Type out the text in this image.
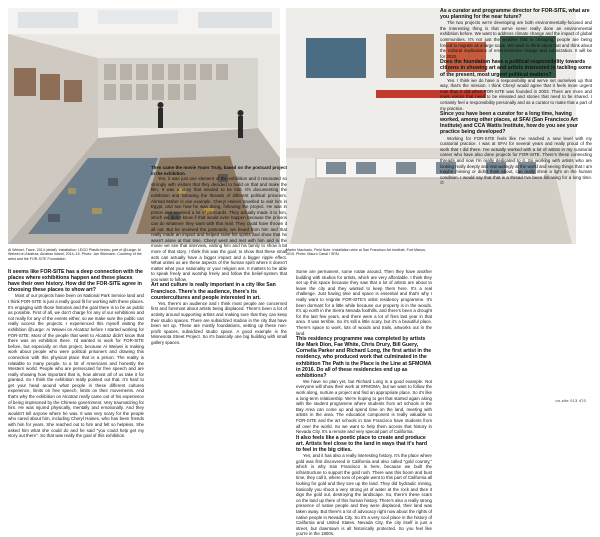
Ai Weiwei, Trace, 2014 (detail). Installation: LEGO Plastic bricks; part of @Large: Ai Weiwei on Alcatraz, Alcatraz Island, 2014–15. Photo: Jan Stürmann. Courtesy of the artist and the FOR-SITE Foundation
Martín Machado, Field Note. Installation view at San Francisco Art Institute, Fort Mason, 2015. Photo: Mauro Canal / SFAI

It seems like FOR-SITE has a deep connection with the places where exhibitions happen and these places have their own history. How did the FOR-SITE agree in choosing these places to show art?

Most of our projects have been on National Park Service land and I think FOR-SITE is just a really good fit for working with these places. It's engaging with those histories and the goal there is to be as public as possible. First of all, we don't charge for any of our exhibitions and not really for any of the events either, so we make sure the public can really access the projects. I experienced this myself visiting the exhibition @Large: Ai Weiwei on Alcatraz before I started working for FOR-SITE. Most of the people that went to Alcatraz didn't know that there was an exhibition there. I'd wanted to work for FOR-SITE before, but especially on that project, because Ai Weiwei is making work about people who were political prisoners and drawing this connection with this physical place that is a prison. The reality is relatable to many people, to a lot of Americans and honestly the Western world. People who are persecuted for free speech and are really showing how important that is, how almost all of us take it for granted. So I think the exhibition really pointed out that. It's hard to get your head around what people in these different cultures experience, limits on free speech, limits on their movements. And that's why the exhibition on Alcatraz really came out of his experience of being imprisoned by the Chinese government. Very traumatizing for him. He was injured physically, mentally and emotionally. And they wouldn't tell anyone where he was. It was very scary for the people who cared about him, including Cheryl Haines, who has been friends with him for years. She reached out to him and felt so helpless. She asked him what she could do and he said "you could help get my story out there". So that was really the goal of this exhibition.

Then came the movie Yours Truly, based on the postcard project in the exhibition.

Yes, it was just one element of the exhibition and it resonated so strongly with visitors that they decided to build on that and make the film. It was a story that needed to be told. It's documenting the exhibition and following the threads of different political prisoners. Ahmad Maher is one example. Cheryl Haines travelled to visit him in Egypt, and see how he was doing, following the project. He was in prison and received a lot of postcards. They actually made it to him, which we didn't know if that would even happen because the prisons can do whatever they want with that mail. They could have thrown it all out. But he received the postcards, we heard from him and that really made an impact and helped raise his spirits and show that he wasn't alone at that time. Cheryl went and met with him and in the movie we see that interview, visiting him and his family to show a bit more of that story. I think this was the goal: to show that these small acts can actually have a bigger impact and a bigger ripple effect. What unites us are these aspects of the human spirit where it doesn't matter what your nationality or your religion are. It matters to be able to speak freely and worship freely and follow the belief-system that you want to follow.

Art and culture is really important in a city like San Francisco. There's the audience, there's its countercultures and people interested in art.

Yes, there's an audience and I think most people are concerned first and foremost about artists being displaced. There's been a lot of activity around supporting artists and making sure that they can keep their studio spaces. There are subsidized studios in the city that have been set up. These are mostly foundations, setting up these non-profit spaces, subsidized studio space. A good example is the Minnesota Street Project. So it's basically one big building with small gallery spaces.

Some are permanent, some rotate around. Then they have another building with studios for artists, which are very affordable. I think they set up this space because they saw that a lot of artists are about to leave the city and they wanted to keep them here. It's a real challenge. Just having time and space is essential and that's why I really want to reignite FOR-SITE's artist residency programme. It's been dormant for a little while because our property is in the woods. It's up north in the Sierra Nevada foothills, and there's been a drought for the last few years, and there were a lot of fires last year in that area. It was terrible. So it's still a little scary, but it's a beautiful place. There's space to work, lots of woods and trails, artworks out in the land.

This residency programme was completed by artists like Mark Dion, Fae White, Chris Drury, Bill Guery, Cornelia Parker and Richard Long, the first artist in the residency, who produced work that culminated in the exhibition The Path is the Place is the Line at SFMOMA in 2016. Do all of these residencies end up as exhibitions?

We have no plan yet, but Richard Long is a good example. Not everyone will show their work at SFMOMA, but we want to follow the work along, nurture a project and find an appropriate place. So it's like a long-term relationship. We're hoping to get that started again along with the student programme where students from art schools in the Bay Area can come up and spend time on the land, meeting with artists in the area. The education component is really valuable to FOR-SITE and the art schools in San Francisco have students from all over the world. So we want to help them access that history in Nevada City. It's a remote and very special part of California.

It also feels like a poetic place to create and produce art. Artists feel close to the land in ways that it's hard to feel in the big cities.

Yes, and it has also a really interesting history. It's the place where gold was first discovered in California and also called "gold country," which is why San Francisco is here, because we built the infrastructure to support the gold rush. There was this boom and bust time, they call it, where tons of people went to this part of California all looking for gold and they tore up the land. They did hydraulic mining, basically you shoot a very strong jet of water at the rock and then it digs the gold out, destroying the landscape. So, there's these scars on the land up there of this human history. There's also a really strong presence of native people and they were displaced, their land was taken away. But there's a lot of advocacy right now about the rights of native people in Nevada City. So it's a very cool place in the history of California and United States. Nevada City, the city itself is just a street, but downtown is all historically protected. So you feel like you're in the 1800s.

As a curator and programme director for FOR-SITE, what are you planning for the near future?

The two projects we're developing are both environmentally-focused and the interesting thing is that we've never really done an environmental exhibition before. We want to address climate change and the impact of global communities. It's not just the weather that is changing, people are being forced to migrate as a large scale. We want to think about that and think about the cultural implications of environmental change and colonization. It will be for 2020.

Does the foundation have a political responsibility towards citizens in showing art and artists interested in tackling some of the present, most urgent political matters?

Yes. I think we do have a responsibility and we've set ourselves up that way, that's the mission. I think Cheryl would agree that it feels more urgent now than it did when FOR-SITE was founded in 2003. There are more and more voices that need to be elevated and stories that need to be shared. I certainly feel a responsibility personally and as a curator to make that a part of my practice.

Since you have been a curator for a long time, having worked, among other places, at SFAI (San Francisco Art Institute) and CCA Wattis Institute, how do you see your practice being developed?

Working for FOR-SITE feels like I've reached a new level with my curatorial practice. I was at SFAI for several years and really proud of the work that I did there. I've actually worked with a lot of artists in my curatorial career who have also done projects for FOR-SITE. There's these connecting threads and now I'm really dedicated to it. So working with artists who are looking really deeply and insinuatingly at the world and seeing things that I am maybe missing or didn't think about, can really shine a light on the human condition. I would say that that is a thread I've been following for a long time. ∅

on-site 013 470
